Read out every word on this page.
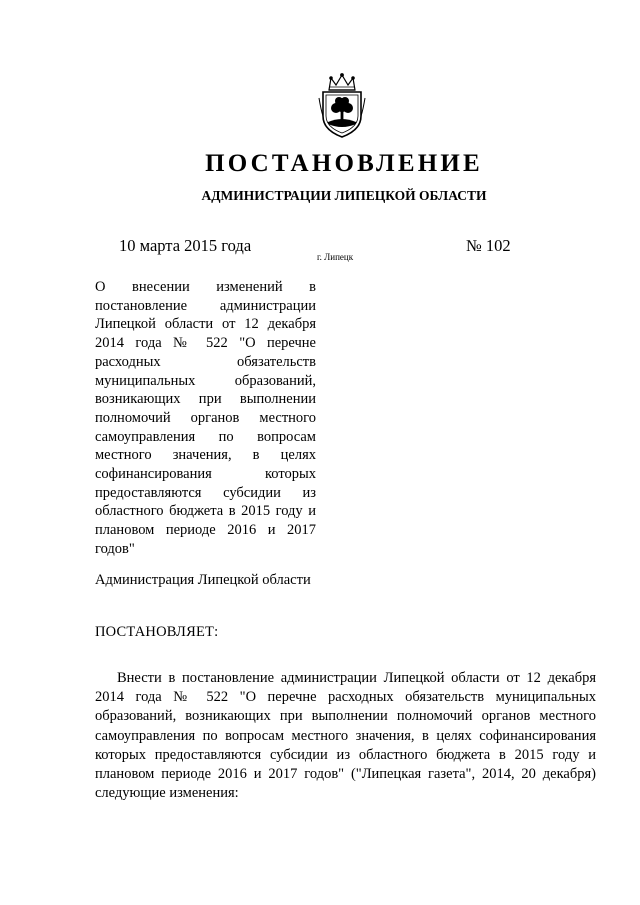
ПОСТАНОВЛЕНИЕ
АДМИНИСТРАЦИИ ЛИПЕЦКОЙ ОБЛАСТИ
10 марта 2015 года
г. Липецк
№ 102
О внесении изменений в постановление администрации Липецкой области от 12 декабря 2014 года № 522 "О перечне расходных обязательств муниципальных образований, возникающих при выполнении полномочий органов местного самоуправления по вопросам местного значения, в целях софинансирования которых предоставляются субсидии из областного бюджета в 2015 году и плановом периоде 2016 и 2017 годов"
Администрация Липецкой области
ПОСТАНОВЛЯЕТ:
Внести в постановление администрации Липецкой области от 12 декабря 2014 года № 522 "О перечне расходных обязательств муниципальных образований, возникающих при выполнении полномочий органов местного самоуправления по вопросам местного значения, в целях софинансирования которых предоставляются субсидии из областного бюджета в 2015 году и плановом периоде 2016 и 2017 годов" ("Липецкая газета", 2014, 20 декабря) следующие изменения:
